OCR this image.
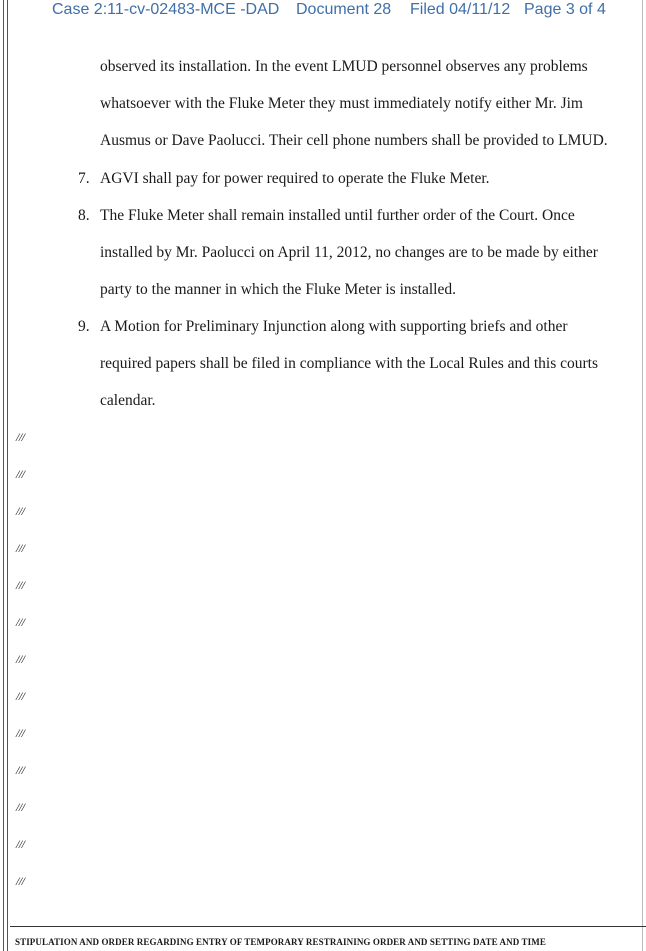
Case 2:11-cv-02483-MCE -DAD Document 28 Filed 04/11/12 Page 3 of 4
observed its installation. In the event LMUD personnel observes any problems
whatsoever with the Fluke Meter they must immediately notify either Mr. Jim
Ausmus or Dave Paolucci. Their cell phone numbers shall be provided to LMUD.
7. AGVI shall pay for power required to operate the Fluke Meter.
8. The Fluke Meter shall remain installed until further order of the Court. Once
installed by Mr. Paolucci on April 11, 2012, no changes are to be made by either
party to the manner in which the Fluke Meter is installed.
9. A Motion for Preliminary Injunction along with supporting briefs and other
required papers shall be filed in compliance with the Local Rules and this courts
calendar.
///
///
///
///
///
///
///
///
///
///
///
///
///
STIPULATION AND ORDER REGARDING ENTRY OF TEMPORARY RESTRAINING ORDER AND SETTING DATE AND TIME
